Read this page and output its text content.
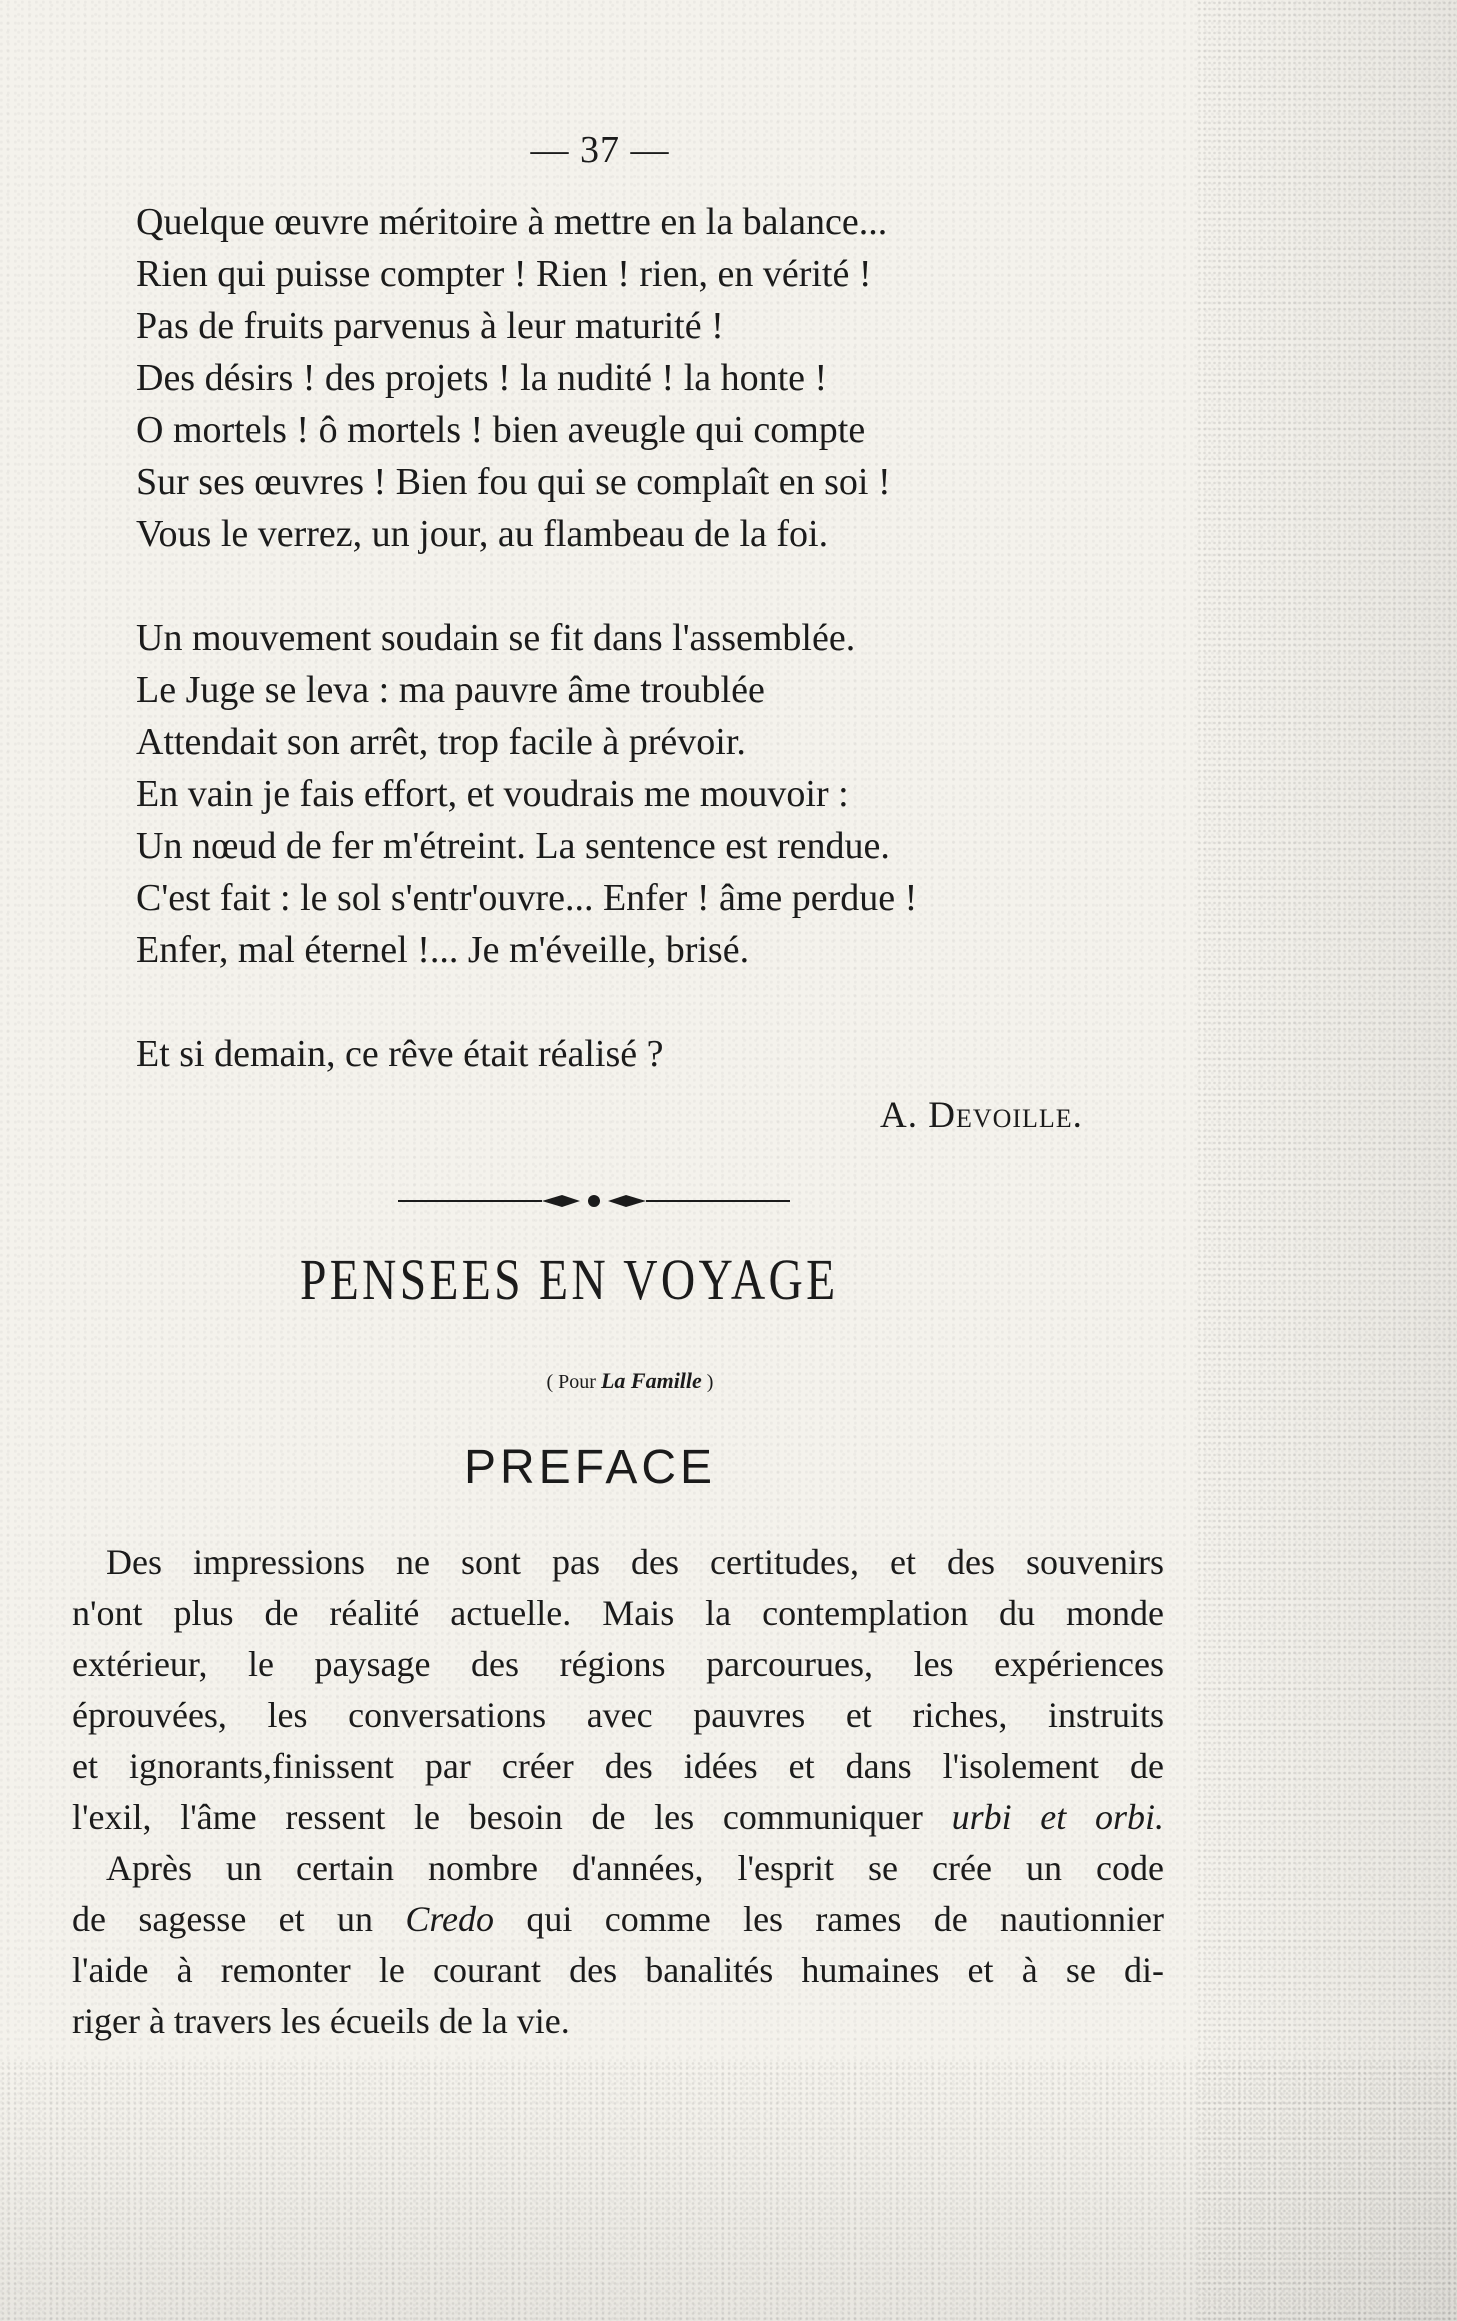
— 37 —
Quelque œuvre méritoire à mettre en la balance...
Rien qui puisse compter ! Rien ! rien, en vérité !
Pas de fruits parvenus à leur maturité !
Des désirs ! des projets ! la nudité ! la honte !
O mortels ! ô mortels ! bien aveugle qui compte
Sur ses œuvres ! Bien fou qui se complaît en soi !
Vous le verrez, un jour, au flambeau de la foi.
Un mouvement soudain se fit dans l'assemblée.
Le Juge se leva : ma pauvre âme troublée
Attendait son arrêt, trop facile à prévoir.
En vain je fais effort, et voudrais me mouvoir :
Un nœud de fer m'étreint. La sentence est rendue.
C'est fait : le sol s'entr'ouvre... Enfer ! âme perdue !
Enfer, mal éternel !... Je m'éveille, brisé.
Et si demain, ce rêve était réalisé ?
A. Devoille.
PENSEES EN VOYAGE
( Pour La Famille )
PREFACE
Des impressions ne sont pas des certitudes, et des souvenirs
n'ont plus de réalité actuelle. Mais la contemplation du monde
extérieur, le paysage des régions parcourues, les expériences
éprouvées, les conversations avec pauvres et riches, instruits
et ignorants,finissent par créer des idées et dans l'isolement de
l'exil, l'âme ressent le besoin de les communiquer urbi et orbi.
Après un certain nombre d'années, l'esprit se crée un code
de sagesse et un Credo qui comme les rames de nautionnier
l'aide à remonter le courant des banalités humaines et à se di-
riger à travers les écueils de la vie.
